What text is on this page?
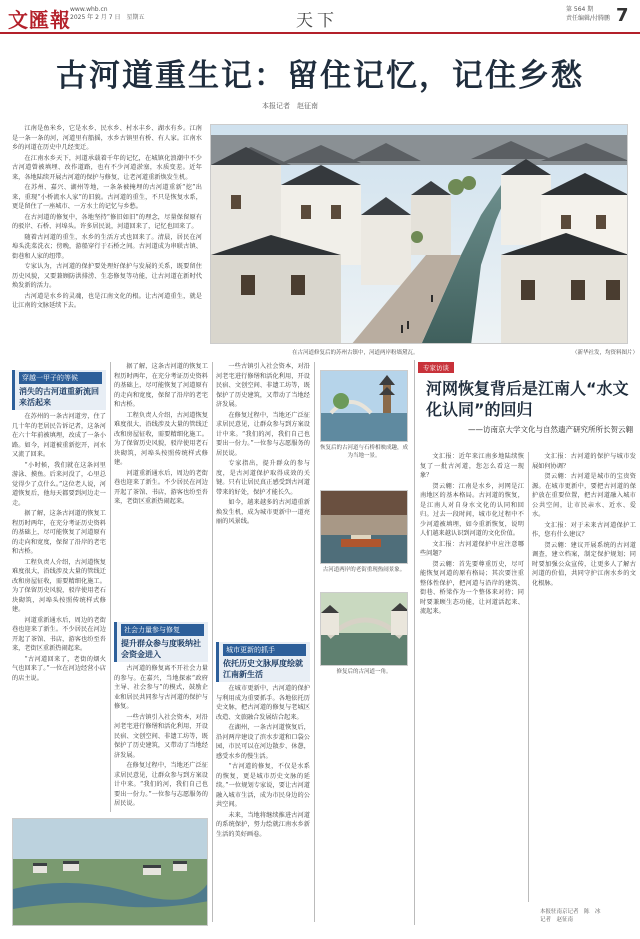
文匯報 www.whb.cn
2025 年 2 月 7 日　星期五	天下
第 564 期
责任编辑/付腾鹏 7
古河道重生记：留住记忆，记住乡愁
本报记者　赵征南

江南是鱼米乡，它是水乡、民水乡、村水丰乡、湖水有乡。江南是一条一条的河，河道里有船摇，水乡古镇里有桥、有人家。江南水乡的河道在历史中几经变迁。

在江南水乡天下，河道承载着千年的记忆，在城镇化浪潮中不少古河道曾被填埋、改作道路，也有不少河道淤塞，水质变差。近年来，各地陆续开展古河道的保护与修复，让老河道重新焕发生机。

在苏州、嘉兴、湖州等地，一条条被掩埋的古河道重新“挖”出来，重现“小桥流水人家”的旧貌。古河道的重生，不只是恢复水系，更是留住了一座城市、一方水土的记忆与乡愁。

在古河道的修复中，各地坚持“修旧如旧”的理念，尽量保留原有的驳岸、石桥、河埠头。许多居民说，河道回来了，记忆也回来了。

随着古河道的重生，水乡的生活方式也回来了。清晨，居民在河埠头洗菜洗衣；傍晚，游船穿行于石桥之间。古河道成为串联古镇、街巷和人家的纽带。

专家认为，古河道的保护要处理好保护与发展的关系，既要留住历史风貌，又要兼顾防洪排涝、生态修复等功能，让古河道在新时代焕发新的活力。

古河道是水乡的灵魂，也是江南文化的根。让古河道重生，就是让江南的文脉延续下去。

在古河道修复后的苏州古镇中，河道两岸粉墙黛瓦。	（新华社发，均资料图片）
穿越一甲子的等候
消失的古河道重新流回来活起来

在苏州的一条古河道旁，住了几十年的老居民告诉记者，这条河在六十年前被填埋，改成了一条小路。如今，河道被重新挖开，河水又流了回来。

“小时候，我们就在这条河里游泳、摸鱼。后来河没了，心里总觉得少了点什么。”这位老人说，河道恢复后，他每天都要到河边走一走。

据了解，这条古河道的恢复工程历时两年，在充分考证历史资料的基础上，尽可能恢复了河道原有的走向和宽度，保留了沿岸的老宅和古桥。

工程负责人介绍，古河道恢复难度很大，沿线涉及大量的管线迁改和房屋征收，需要精细化施工。为了保留历史风貌，驳岸使用老石块砌筑，河埠头按照传统样式修建。

河道重新通水后，周边的老街巷也迎来了新生。不少居民在河边开起了茶馆、书店，游客也纷至沓来，老街区重新热闹起来。

“古河道回来了，老街的烟火气也回来了。”一位在河边经营小店的店主说。

据了解，这条古河道的恢复工程历时两年，在充分考证历史资料的基础上，尽可能恢复了河道原有的走向和宽度，保留了沿岸的老宅和古桥。

工程负责人介绍，古河道恢复难度很大，沿线涉及大量的管线迁改和房屋征收，需要精细化施工。为了保留历史风貌，驳岸使用老石块砌筑，河埠头按照传统样式修建。

河道重新通水后，周边的老街巷也迎来了新生。不少居民在河边开起了茶馆、书店，游客也纷至沓来，老街区重新热闹起来。

社会力量参与修复
提升群众参与度吸纳社会资金进入

古河道的修复离不开社会力量的参与。在嘉兴，当地探索“政府主导、社会参与”的模式，鼓励企业和居民共同参与古河道的保护与修复。

一些古镇引入社会资本，对沿河老宅进行修缮和活化利用，开设民宿、文创空间、非遗工坊等，既保护了历史建筑，又带动了当地经济发展。

在修复过程中，当地还广泛征求居民意见，让群众参与到方案设计中来。“我们的河，我们自己也要出一份力。”一位参与志愿服务的居民说。

一些古镇引入社会资本，对沿河老宅进行修缮和活化利用，开设民宿、文创空间、非遗工坊等，既保护了历史建筑，又带动了当地经济发展。

在修复过程中，当地还广泛征求居民意见，让群众参与到方案设计中来。“我们的河，我们自己也要出一份力。”一位参与志愿服务的居民说。

专家指出，提升群众的参与度，是古河道保护取得成效的关键。只有让居民真正感受到古河道带来的好处，保护才能长久。

如今，越来越多的古河道重新焕发生机，成为城市更新中一道亮丽的风景线。

城市更新的抓手
依托历史文脉厚度绘就江南新生活

在城市更新中，古河道的保护与利用成为重要抓手。各地依托历史文脉，把古河道的修复与老城区改造、文旅融合发展结合起来。

在湖州，一条古河道恢复后，沿河两岸建设了滨水步道和口袋公园，市民可以在河边散步、休憩，感受水乡的慢生活。

“古河道的修复，不仅是水系的恢复，更是城市历史文脉的延续。”一位规划专家说，要让古河道融入城市生活，成为市民身边的公共空间。

未来，当地将继续推进古河道的系统保护，努力绘就江南水乡新生活的美好画卷。

恢复后的古河道与石桥相映成趣，成为当地一景。
古河道两岸的老街重现热闹景象。
修复后的古河道一角。
专家访谈
河网恢复背后是江南人“水文化认同”的回归
——访南京大学文化与自然遗产研究所所长贺云翱

文汇报：近年来江南多地陆续恢复了一批古河道，您怎么看这一现象？

贺云翱：江南是水乡，河网是江南地区的基本格局。古河道的恢复，是江南人对自身水文化的认同和回归。过去一段时间，城市化过程中不少河道被填埋，如今重新恢复，说明人们越来越认识到河道的文化价值。

文汇报：古河道保护中应注意哪些问题？

贺云翱：首先要尊重历史，尽可能恢复河道的原有格局；其次要注重整体性保护，把河道与沿岸的建筑、街巷、桥梁作为一个整体来对待；同时要兼顾生态功能，让河道活起来、流起来。

文汇报：古河道的保护与城市发展如何协调？

贺云翱：古河道是城市的宝贵资源。在城市更新中，要把古河道的保护放在重要位置，把古河道融入城市公共空间，让市民亲水、近水、爱水。

文汇报：对于未来古河道保护工作，您有什么建议？

贺云翱：建议开展系统的古河道调查，建立档案，制定保护规划；同时要加强公众宣传，让更多人了解古河道的价值，共同守护江南水乡的文化根脉。

本报驻南京记者　陈　冰
记者　赵征南
